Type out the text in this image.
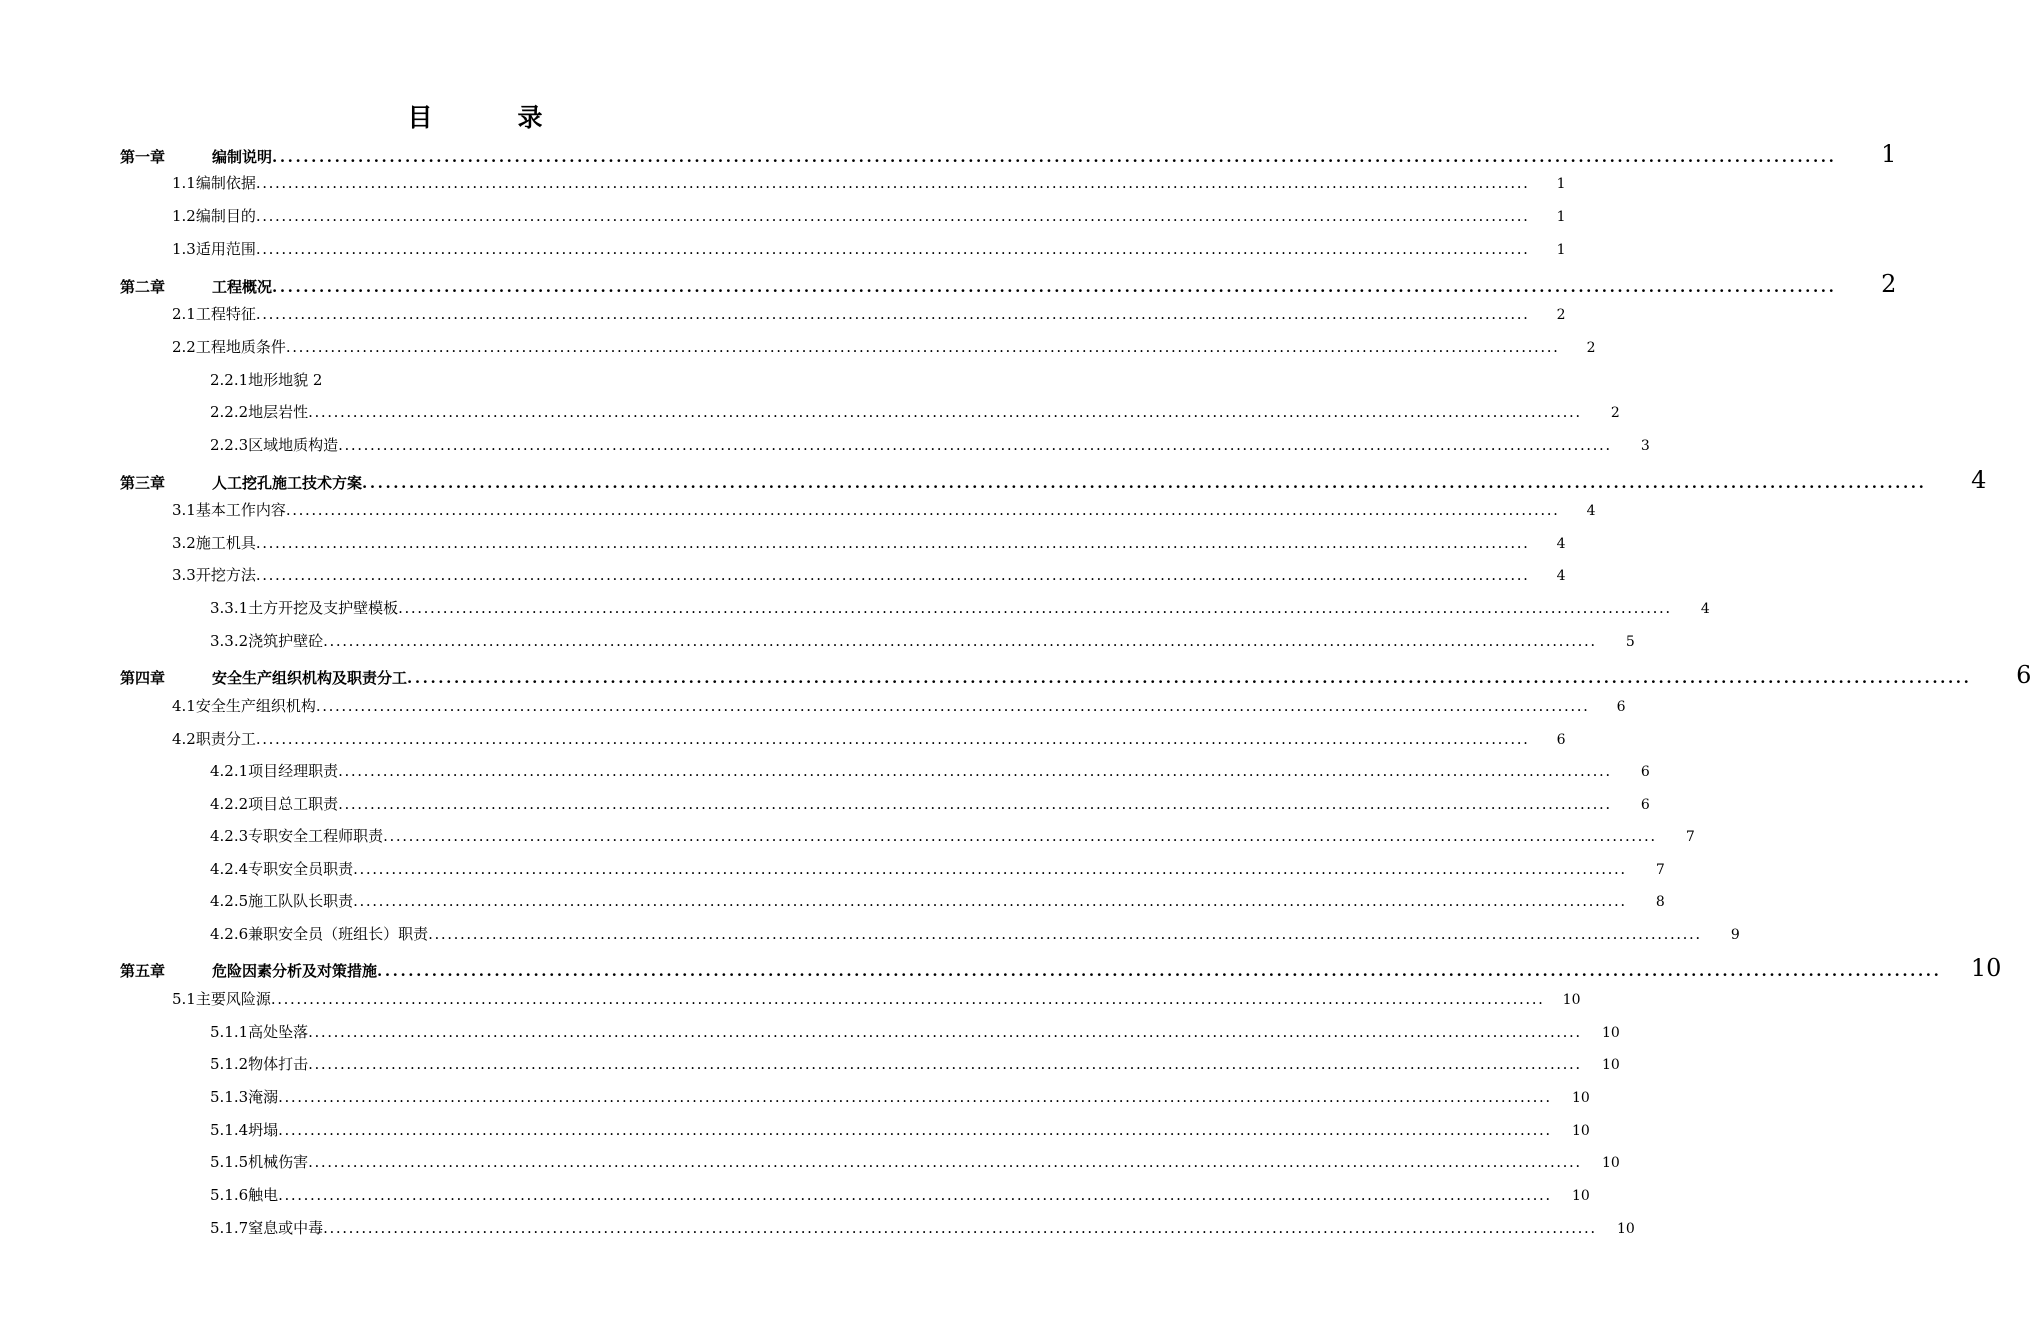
目　录
第一章	编制说明 ........................................................................................................................................................................................................	1
1.1编制依据 ........................................................................................................................................................................................................	1
1.2编制目的 ........................................................................................................................................................................................................	1
1.3适用范围 ........................................................................................................................................................................................................	1
第二章	工程概况 ........................................................................................................................................................................................................	2
2.1工程特征 ........................................................................................................................................................................................................	2
2.2工程地质条件 ........................................................................................................................................................................................................	2
2.2.1地形地貌 2
2.2.2地层岩性 ........................................................................................................................................................................................................	2
2.2.3区域地质构造 ........................................................................................................................................................................................................	3
第三章	人工挖孔施工技术方案 ........................................................................................................................................................................................................	4
3.1基本工作内容 ........................................................................................................................................................................................................	4
3.2施工机具 ........................................................................................................................................................................................................	4
3.3开挖方法 ........................................................................................................................................................................................................	4
3.3.1土方开挖及支护壁模板 ........................................................................................................................................................................................................	4
3.3.2浇筑护壁砼 ........................................................................................................................................................................................................	5
第四章	安全生产组织机构及职责分工 ........................................................................................................................................................................................................	6
4.1安全生产组织机构 ........................................................................................................................................................................................................	6
4.2职责分工 ........................................................................................................................................................................................................	6
4.2.1项目经理职责 ........................................................................................................................................................................................................	6
4.2.2项目总工职责 ........................................................................................................................................................................................................	6
4.2.3专职安全工程师职责 ........................................................................................................................................................................................................	7
4.2.4专职安全员职责 ........................................................................................................................................................................................................	7
4.2.5施工队队长职责 ........................................................................................................................................................................................................	8
4.2.6兼职安全员（班组长）职责 ........................................................................................................................................................................................................	9
第五章	危险因素分析及对策措施 ........................................................................................................................................................................................................	10
5.1主要风险源 ........................................................................................................................................................................................................	10
5.1.1高处坠落 ........................................................................................................................................................................................................	10
5.1.2物体打击 ........................................................................................................................................................................................................	10
5.1.3淹溺 ........................................................................................................................................................................................................	10
5.1.4坍塌 ........................................................................................................................................................................................................	10
5.1.5机械伤害 ........................................................................................................................................................................................................	10
5.1.6触电 ........................................................................................................................................................................................................	10
5.1.7窒息或中毒 ........................................................................................................................................................................................................	10
